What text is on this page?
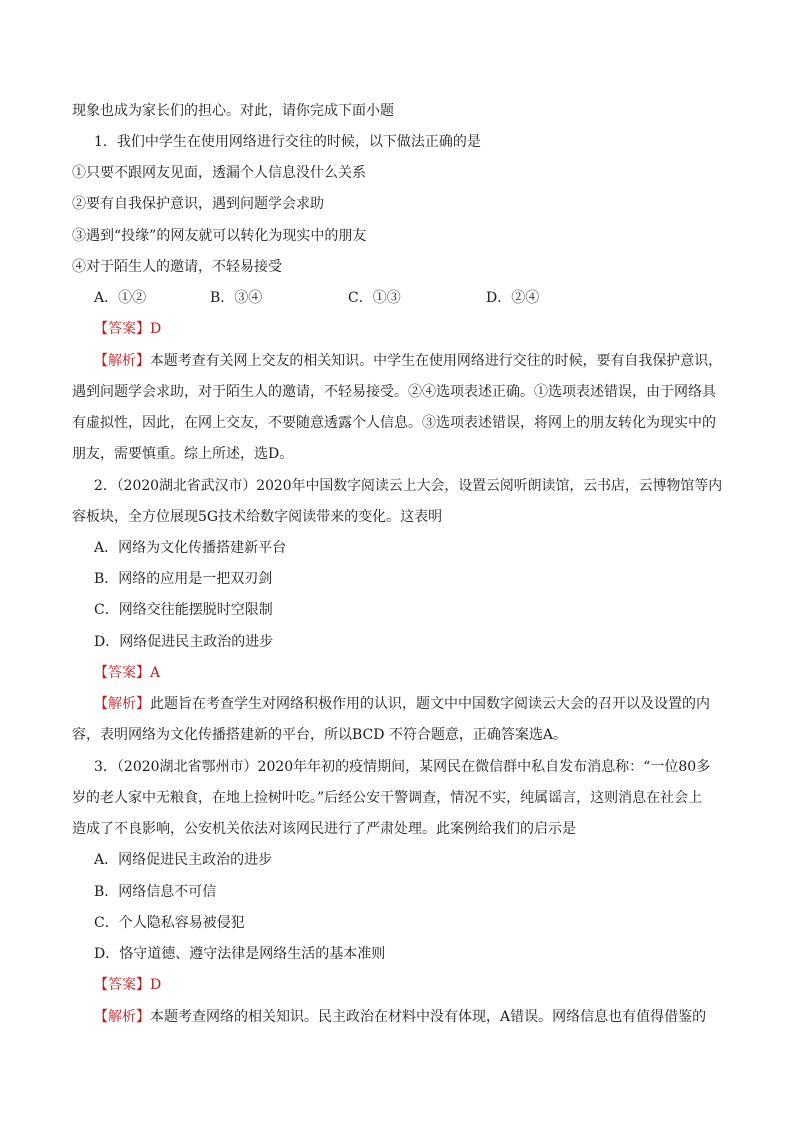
现象也成为家长们的担心。对此，请你完成下面小题
1．我们中学生在使用网络进行交往的时候，以下做法正确的是
①只要不跟网友见面，透漏个人信息没什么关系
②要有自我保护意识，遇到问题学会求助
③遇到“投缘”的网友就可以转化为现实中的朋友
④对于陌生人的邀请，不轻易接受
A．①②	B．③④	C．①③	D．②④
【答案】D
【解析】本题考查有关网上交友的相关知识。中学生在使用网络进行交往的时候，要有自我保护意识，
遇到问题学会求助，对于陌生人的邀请，不轻易接受。②④选项表述正确。①选项表述错误，由于网络具
有虚拟性，因此，在网上交友，不要随意透露个人信息。③选项表述错误，将网上的朋友转化为现实中的
朋友，需要慎重。综上所述，选D。
2．（2020湖北省武汉市）2020年中国数字阅读云上大会，设置云阅听朗读馆，云书店，云博物馆等内
容板块，全方位展现5G技术给数字阅读带来的变化。这表明
A．网络为文化传播搭建新平台
B．网络的应用是一把双刃剑
C．网络交往能摆脱时空限制
D．网络促进民主政治的进步
【答案】A
【解析】此题旨在考查学生对网络积极作用的认识，题文中中国数字阅读云大会的召开以及设置的内
容，表明网络为文化传播搭建新的平台，所以BCD 不符合题意，正确答案选A。
3．（2020湖北省鄂州市）2020年年初的疫情期间，某网民在微信群中私自发布消息称：“一位80多
岁的老人家中无粮食，在地上捡树叶吃。”后经公安干警调查，情况不实，纯属谣言，这则消息在社会上
造成了不良影响，公安机关依法对该网民进行了严肃处理。此案例给我们的启示是
A．网络促进民主政治的进步
B．网络信息不可信
C．个人隐私容易被侵犯
D．恪守道德、遵守法律是网络生活的基本准则
【答案】D
【解析】本题考查网络的相关知识。民主政治在材料中没有体现，A错误。网络信息也有值得借鉴的
